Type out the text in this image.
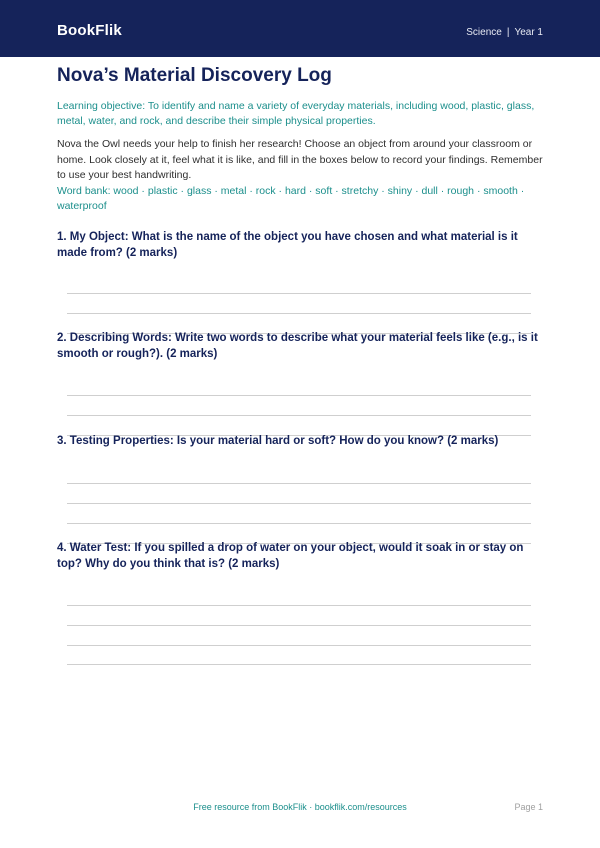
BookFlik	Science | Year 1
Nova’s Material Discovery Log

Learning objective: To identify and name a variety of everyday materials, including wood, plastic, glass, metal, water, and rock, and describe their simple physical properties.

Nova the Owl needs your help to finish her research! Choose an object from around your classroom or home. Look closely at it, feel what it is like, and fill in the boxes below to record your findings. Remember to use your best handwriting.

Word bank: wood · plastic · glass · metal · rock · hard · soft · stretchy · shiny · dull · rough · smooth · waterproof

1. My Object: What is the name of the object you have chosen and what material is it made from? (2 marks)

2. Describing Words: Write two words to describe what your material feels like (e.g., is it smooth or rough?). (2 marks)

3. Testing Properties: Is your material hard or soft? How do you know? (2 marks)

4. Water Test: If you spilled a drop of water on your object, would it soak in or stay on top? Why do you think that is? (2 marks)

Free resource from BookFlik · bookflik.com/resources	Page 1
